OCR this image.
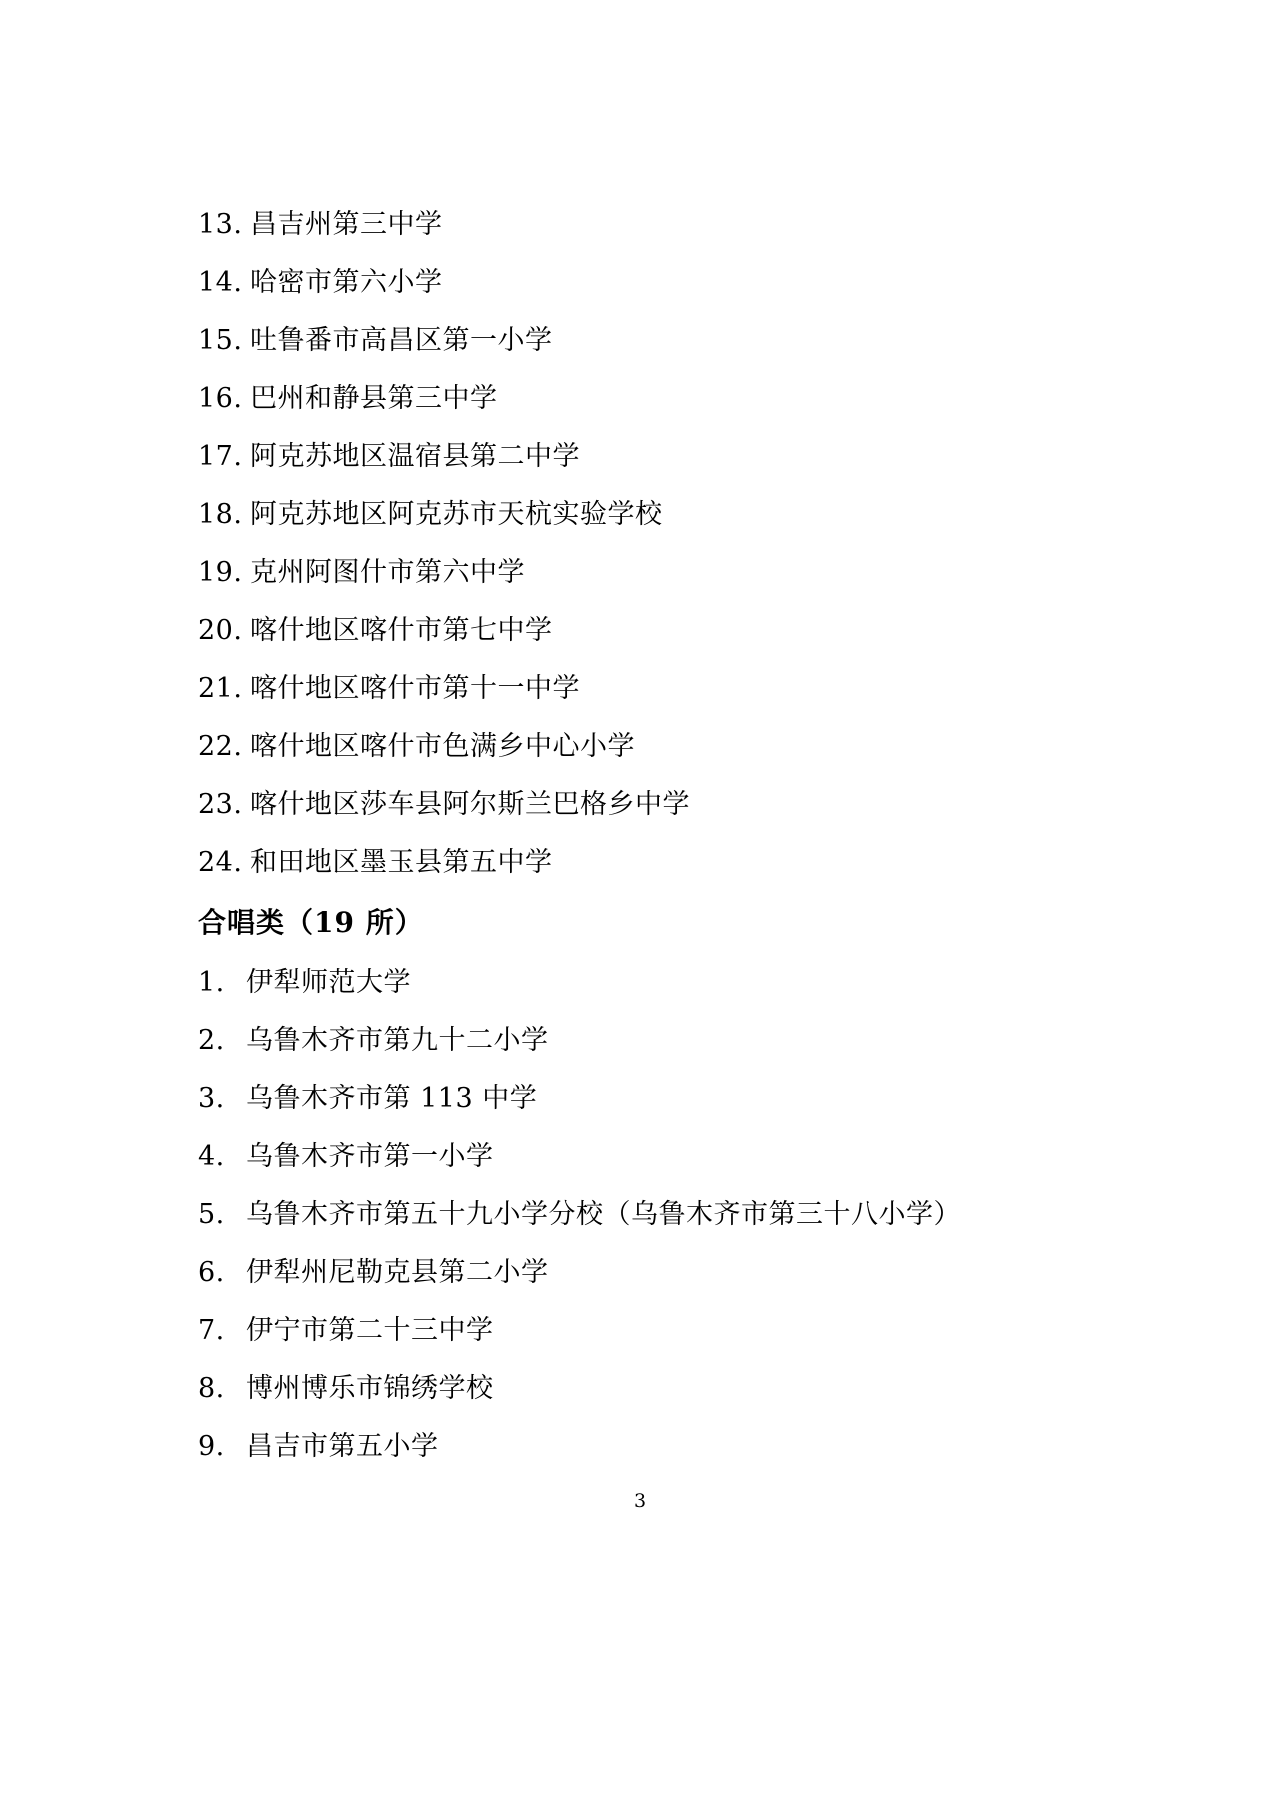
13. 昌吉州第三中学
14. 哈密市第六小学
15. 吐鲁番市高昌区第一小学
16. 巴州和静县第三中学
17. 阿克苏地区温宿县第二中学
18. 阿克苏地区阿克苏市天杭实验学校
19. 克州阿图什市第六中学
20. 喀什地区喀什市第七中学
21. 喀什地区喀什市第十一中学
22. 喀什地区喀什市色满乡中心小学
23. 喀什地区莎车县阿尔斯兰巴格乡中学
24. 和田地区墨玉县第五中学
合唱类（19 所）
1. 伊犁师范大学
2. 乌鲁木齐市第九十二小学
3. 乌鲁木齐市第 113 中学
4. 乌鲁木齐市第一小学
5. 乌鲁木齐市第五十九小学分校（乌鲁木齐市第三十八小学）
6. 伊犁州尼勒克县第二小学
7. 伊宁市第二十三中学
8. 博州博乐市锦绣学校
9. 昌吉市第五小学
3
